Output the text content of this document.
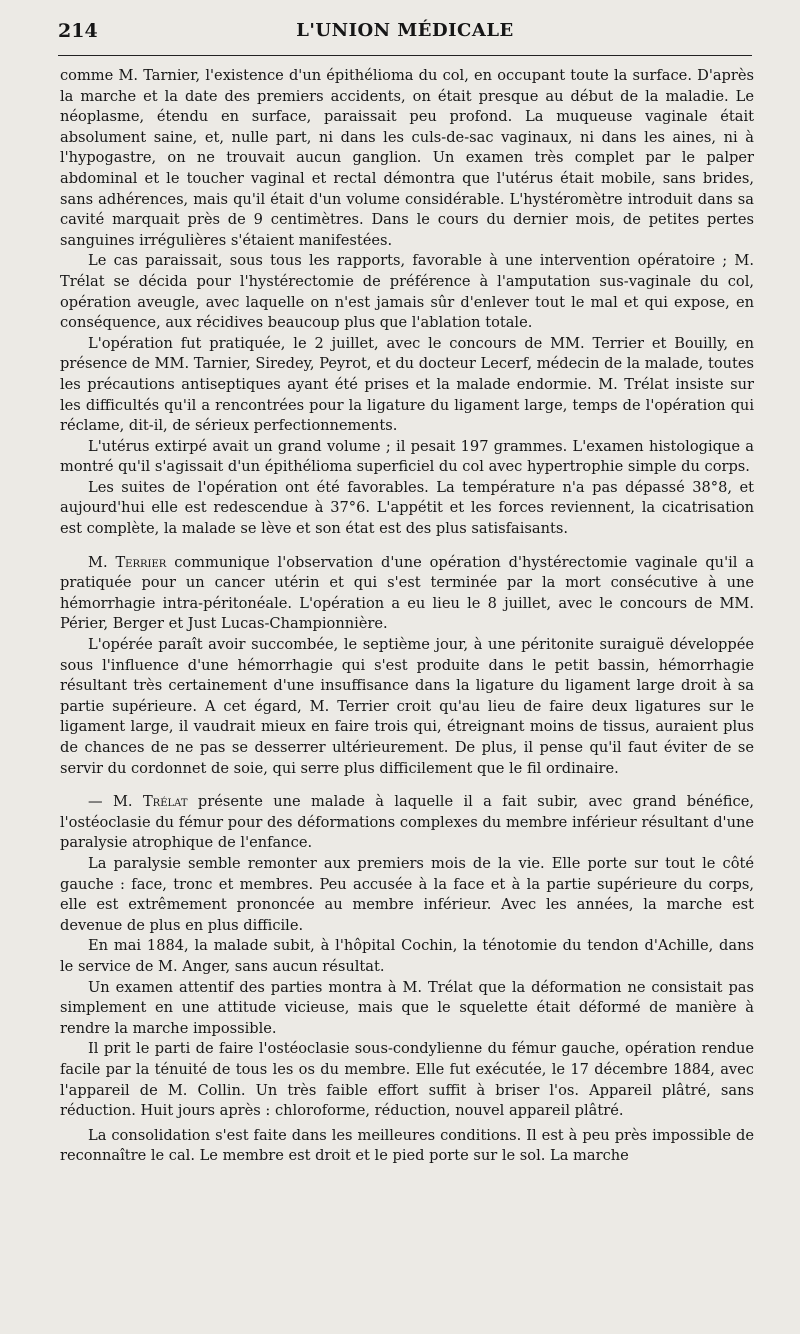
214	L'UNION MÉDICALE

comme M. Tarnier, l'existence d'un épithélioma du col, en occupant toute la surface. D'après la marche et la date des premiers accidents, on était presque au début de la maladie. Le néoplasme, étendu en surface, paraissait peu profond. La muqueuse vaginale était absolument saine, et, nulle part, ni dans les culs-de-sac vaginaux, ni dans les aines, ni à l'hypogastre, on ne trouvait aucun ganglion. Un examen très complet par le palper abdominal et le toucher vaginal et rectal démontra que l'utérus était mobile, sans brides, sans adhérences, mais qu'il était d'un volume considérable. L'hystéromètre introduit dans sa cavité marquait près de 9 centimètres. Dans le cours du dernier mois, de petites pertes sanguines irrégulières s'étaient manifestées.

Le cas paraissait, sous tous les rapports, favorable à une intervention opératoire ; M. Trélat se décida pour l'hystérectomie de préférence à l'amputation sus-vaginale du col, opération aveugle, avec laquelle on n'est jamais sûr d'enlever tout le mal et qui expose, en conséquence, aux récidives beaucoup plus que l'ablation totale.

L'opération fut pratiquée, le 2 juillet, avec le concours de MM. Terrier et Bouilly, en présence de MM. Tarnier, Siredey, Peyrot, et du docteur Lecerf, médecin de la malade, toutes les précautions antiseptiques ayant été prises et la malade endormie. M. Trélat insiste sur les difficultés qu'il a rencontrées pour la ligature du ligament large, temps de l'opération qui réclame, dit-il, de sérieux perfectionnements.

L'utérus extirpé avait un grand volume ; il pesait 197 grammes. L'examen histologique a montré qu'il s'agissait d'un épithélioma superficiel du col avec hypertrophie simple du corps.

Les suites de l'opération ont été favorables. La température n'a pas dépassé 38°8, et aujourd'hui elle est redescendue à 37°6. L'appétit et les forces reviennent, la cicatrisation est complète, la malade se lève et son état est des plus satisfaisants.

M. Terrier communique l'observation d'une opération d'hystérectomie vaginale qu'il a pratiquée pour un cancer utérin et qui s'est terminée par la mort consécutive à une hémorrhagie intra-péritonéale. L'opération a eu lieu le 8 juillet, avec le concours de MM. Périer, Berger et Just Lucas-Championnière.

L'opérée paraît avoir succombée, le septième jour, à une péritonite suraiguë développée sous l'influence d'une hémorrhagie qui s'est produite dans le petit bassin, hémorrhagie résultant très certainement d'une insuffisance dans la ligature du ligament large droit à sa partie supérieure. A cet égard, M. Terrier croit qu'au lieu de faire deux ligatures sur le ligament large, il vaudrait mieux en faire trois qui, étreignant moins de tissus, auraient plus de chances de ne pas se desserrer ultérieurement. De plus, il pense qu'il faut éviter de se servir du cordonnet de soie, qui serre plus difficilement que le fil ordinaire.

— M. Trélat présente une malade à laquelle il a fait subir, avec grand bénéfice, l'ostéoclasie du fémur pour des déformations complexes du membre inférieur résultant d'une paralysie atrophique de l'enfance.

La paralysie semble remonter aux premiers mois de la vie. Elle porte sur tout le côté gauche : face, tronc et membres. Peu accusée à la face et à la partie supérieure du corps, elle est extrêmement prononcée au membre inférieur. Avec les années, la marche est devenue de plus en plus difficile.

En mai 1884, la malade subit, à l'hôpital Cochin, la ténotomie du tendon d'Achille, dans le service de M. Anger, sans aucun résultat.

Un examen attentif des parties montra à M. Trélat que la déformation ne consistait pas simplement en une attitude vicieuse, mais que le squelette était déformé de manière à rendre la marche impossible.

Il prit le parti de faire l'ostéoclasie sous-condylienne du fémur gauche, opération rendue facile par la ténuité de tous les os du membre. Elle fut exécutée, le 17 décembre 1884, avec l'appareil de M. Collin. Un très faible effort suffit à briser l'os. Appareil plâtré, sans réduction. Huit jours après : chloroforme, réduction, nouvel appareil plâtré.

La consolidation s'est faite dans les meilleures conditions. Il est à peu près impossible de reconnaître le cal. Le membre est droit et le pied porte sur le sol. La marche
